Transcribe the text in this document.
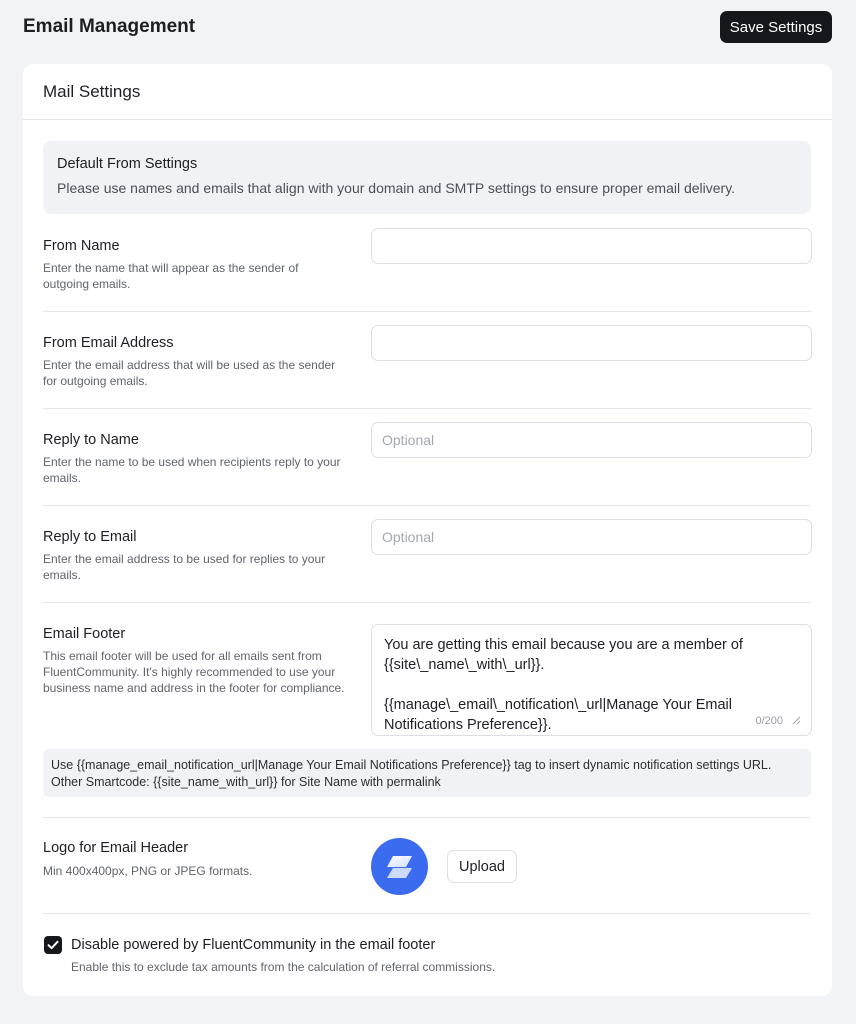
Email Management	Save Settings
Mail Settings
Default From Settings
Please use names and emails that align with your domain and SMTP settings to ensure proper email delivery.
From Name
Enter the name that will appear as the sender of outgoing emails.
From Email Address
Enter the email address that will be used as the sender for outgoing emails.
Reply to Name
Enter the name to be used when recipients reply to your emails.
Optional
Reply to Email
Enter the email address to be used for replies to your emails.
Optional
Email Footer
This email footer will be used for all emails sent from FluentCommunity. It's highly recommended to use your business name and address in the footer for compliance.
You are getting this email because you are a member of {{site\_name\_with\_url}}. {{manage\_email\_notification\_url|Manage Your Email Notifications Preference}}.
0/200
Use {{manage_email_notification_url|Manage Your Email Notifications Preference}} tag to insert dynamic notification settings URL.
Other Smartcode: {{site_name_with_url}} for Site Name with permalink
Logo for Email Header
Min 400x400px, PNG or JPEG formats.	Upload
Disable powered by FluentCommunity in the email footer
Enable this to exclude tax amounts from the calculation of referral commissions.
